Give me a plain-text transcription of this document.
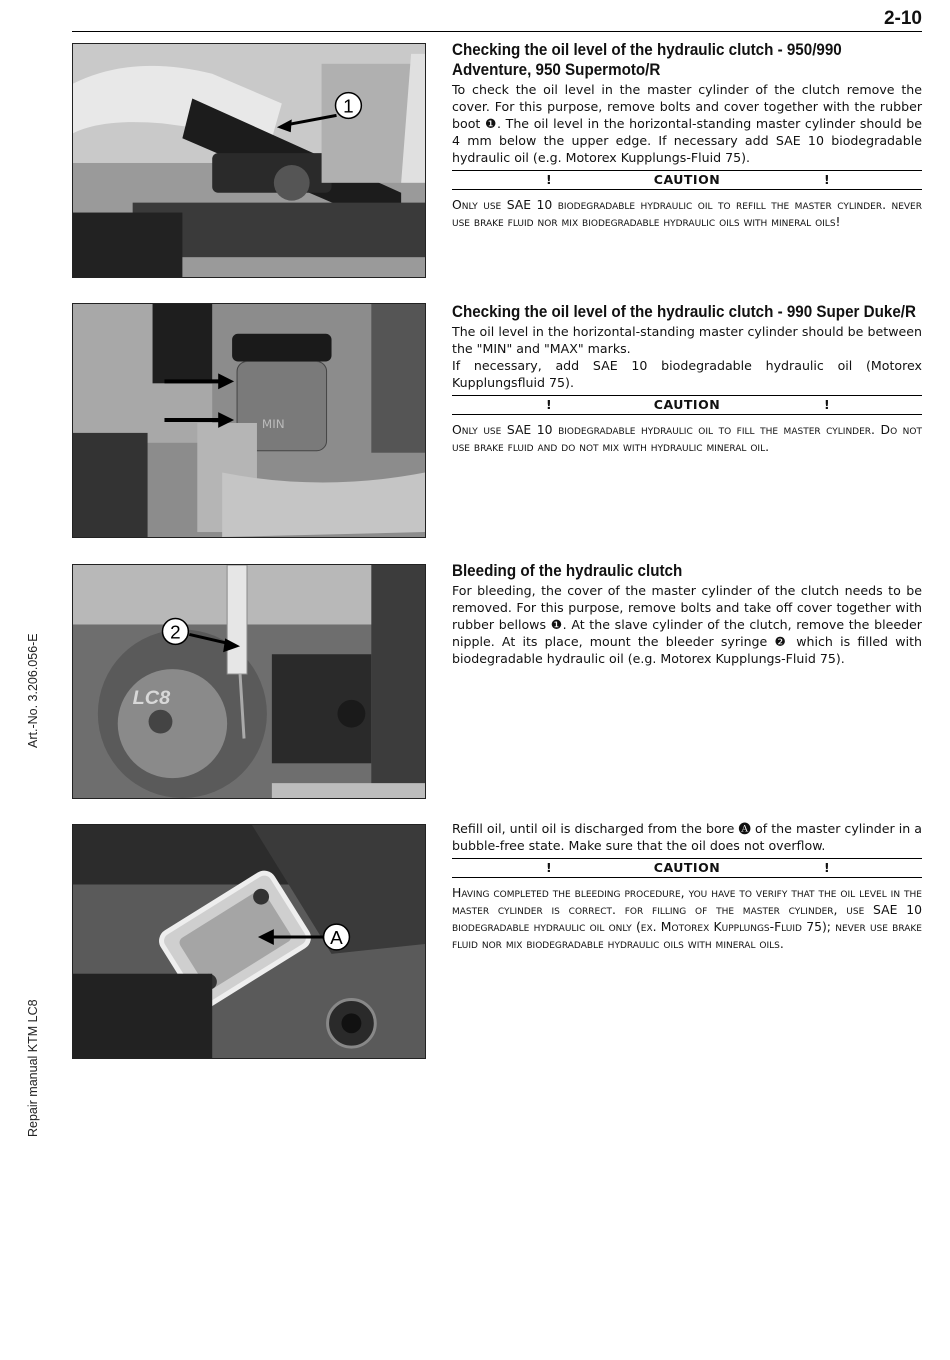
2-10
Art.-No. 3.206.056-E
Repair manual KTM LC8
1
MIN
LC8
2
A
Checking the oil level of the hydraulic clutch - 950/990 Adventure, 950 Supermoto/R

To check the oil level in the master cylinder of the clutch remove the cover. For this purpose, remove bolts and cover together with the rubber boot ❶. The oil level in the horizontal-standing master cylinder should be 4 mm below the upper edge. If necessary add SAE 10 biodegradable hydraulic oil (e.g. Motorex Kupplungs-Fluid 75).

!	CAUTION	!

Only use SAE 10 biodegradable hydraulic oil to refill the master cylinder. never use brake fluid nor mix biodegradable hydraulic oils with mineral oils!

Checking the oil level of the hydraulic clutch - 990 Super Duke/R

The oil level in the horizontal-standing master cylinder should be between the "MIN" and "MAX" marks.

If necessary, add SAE 10 biodegradable hydraulic oil (Motorex Kupplungsfluid 75).

!	CAUTION	!

Only use SAE 10 biodegradable hydraulic oil to fill the master cylinder. Do not use brake fluid and do not mix with hydraulic mineral oil.

Bleeding of the hydraulic clutch

For bleeding, the cover of the master cylinder of the clutch needs to be removed. For this purpose, remove bolts and take off cover together with rubber bellows ❶. At the slave cylinder of the clutch, remove the bleeder nipple. At its place, mount the bleeder syringe ❷ which is filled with biodegradable hydraulic oil (e.g. Motorex Kupplungs-Fluid 75).

Refill oil, until oil is discharged from the bore 🅐 of the master cylinder in a bubble-free state. Make sure that the oil does not overflow.

!	CAUTION	!

Having completed the bleeding procedure, you have to verify that the oil level in the master cylinder is correct. for filling of the master cylinder, use SAE 10 biodegradable hydraulic oil only (ex. Motorex Kupplungs-Fluid 75); never use brake fluid nor mix biodegradable hydraulic oils with mineral oils.
